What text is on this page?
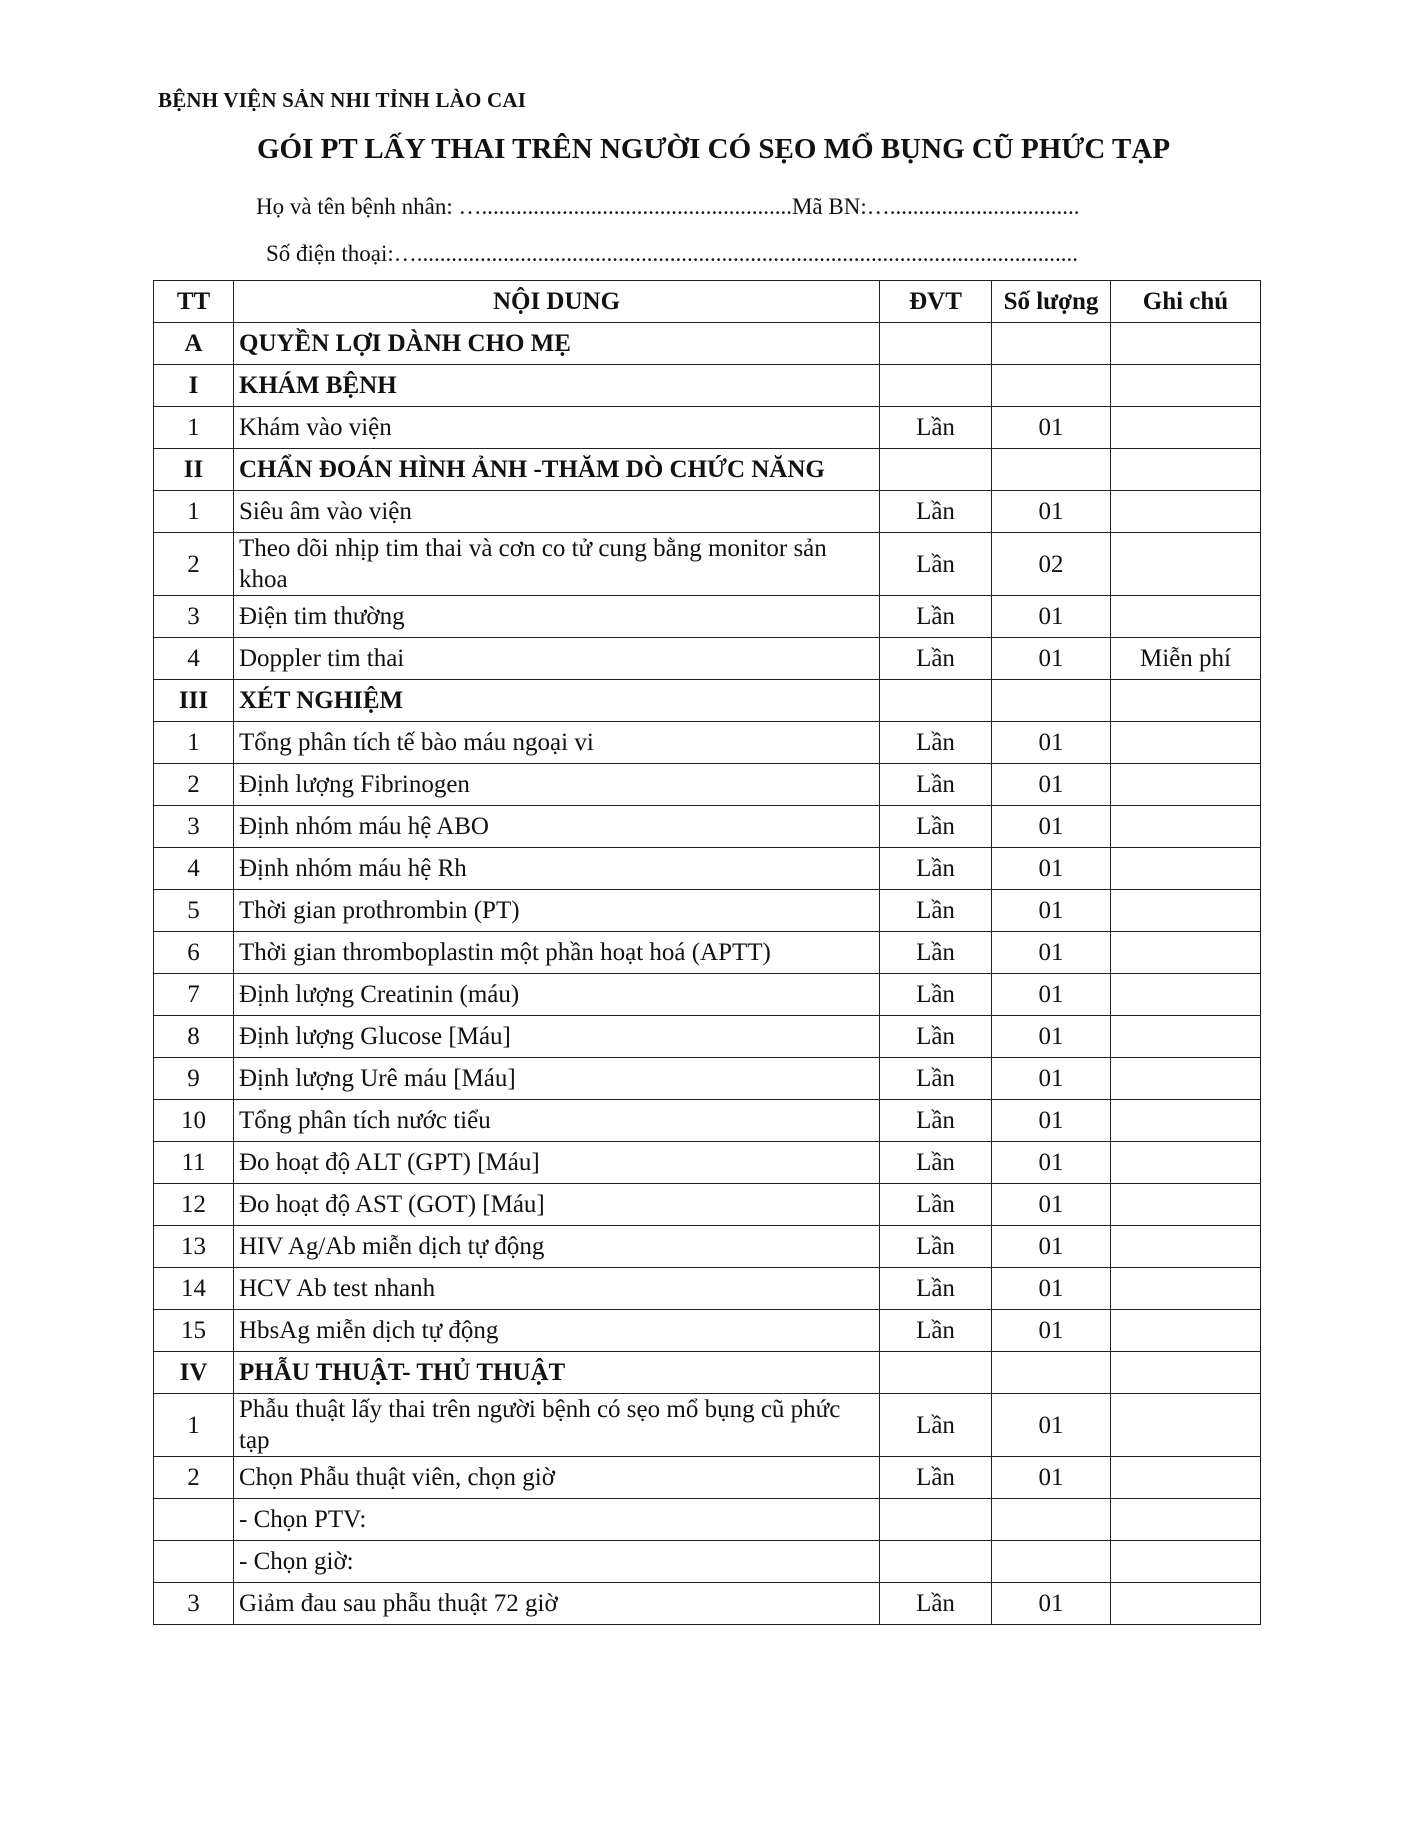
BỆNH VIỆN SẢN NHI TỈNH LÀO CAI
GÓI PT LẤY THAI TRÊN NGƯỜI CÓ SẸO MỔ BỤNG CŨ PHỨC TẠP
Họ và tên bệnh nhân: …......................................................Mã BN:….................................
Số điện thoại:…...................................................................................................................
TT	NỘI DUNG	ĐVT	Số lượng	Ghi chú
A	QUYỀN LỢI DÀNH CHO MẸ			
I	KHÁM BỆNH			
1	Khám vào viện	Lần	01	
II	CHẨN ĐOÁN HÌNH ẢNH -THĂM DÒ CHỨC NĂNG			
1	Siêu âm vào viện	Lần	01	
2	Theo dõi nhịp tim thai và cơn co tử cung bằng monitor sản khoa	Lần	02	
3	Điện tim thường	Lần	01	
4	Doppler tim thai	Lần	01	Miễn phí
III	XÉT NGHIỆM			
1	Tổng phân tích tế bào máu ngoại vi	Lần	01	
2	Định lượng Fibrinogen	Lần	01	
3	Định nhóm máu hệ ABO	Lần	01	
4	Định nhóm máu hệ Rh	Lần	01	
5	Thời gian prothrombin (PT)	Lần	01	
6	Thời gian thromboplastin một phần hoạt hoá (APTT)	Lần	01	
7	Định lượng Creatinin (máu)	Lần	01	
8	Định lượng Glucose [Máu]	Lần	01	
9	Định lượng Urê máu [Máu]	Lần	01	
10	Tổng phân tích nước tiểu	Lần	01	
11	Đo hoạt độ ALT (GPT) [Máu]	Lần	01	
12	Đo hoạt độ AST (GOT) [Máu]	Lần	01	
13	HIV Ag/Ab miễn dịch tự động	Lần	01	
14	HCV Ab test nhanh	Lần	01	
15	HbsAg miễn dịch tự động	Lần	01	
IV	PHẪU THUẬT- THỦ THUẬT			
1	Phẫu thuật lấy thai trên người bệnh có sẹo mổ bụng cũ phức tạp	Lần	01	
2	Chọn Phẫu thuật viên, chọn giờ	Lần	01	
	- Chọn PTV:			
	- Chọn giờ:			
3	Giảm đau sau phẫu thuật 72 giờ	Lần	01	
